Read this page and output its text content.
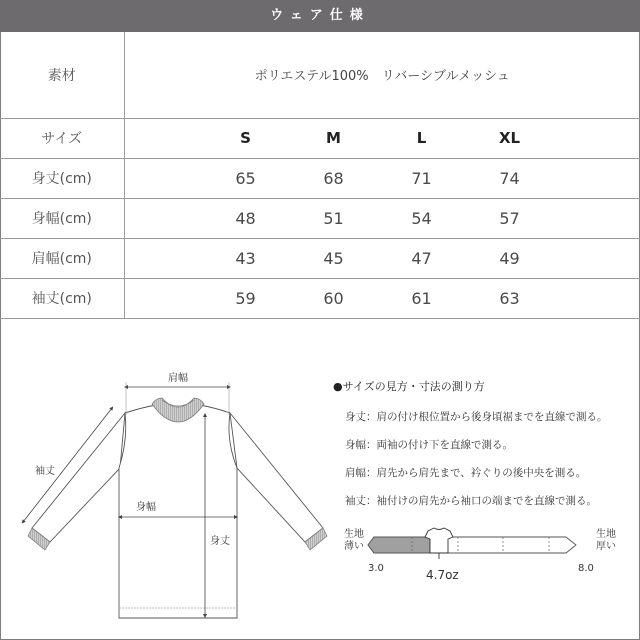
ウェア仕様
素材	ポリエステル100%　リバーシブルメッシュ
サイズ	S M L XL

身丈(cm)	65 68 71 74

身幅(cm)	48 51 54 57

肩幅(cm)	43 45 47 49

袖丈(cm)	59 60 61 63
肩幅
袖丈
身幅
身丈
●サイズの見方・寸法の測り方
身丈：肩の付け根位置から後身頃裾までを直線で測る。
身幅：両袖の付け下を直線で測る。
肩幅：肩先から肩先まで、衿ぐりの後中央を測る。
袖丈：袖付けの肩先から袖口の端までを直線で測る。
生地
薄い
生地
厚い
3.0	8.0
4.7oz
